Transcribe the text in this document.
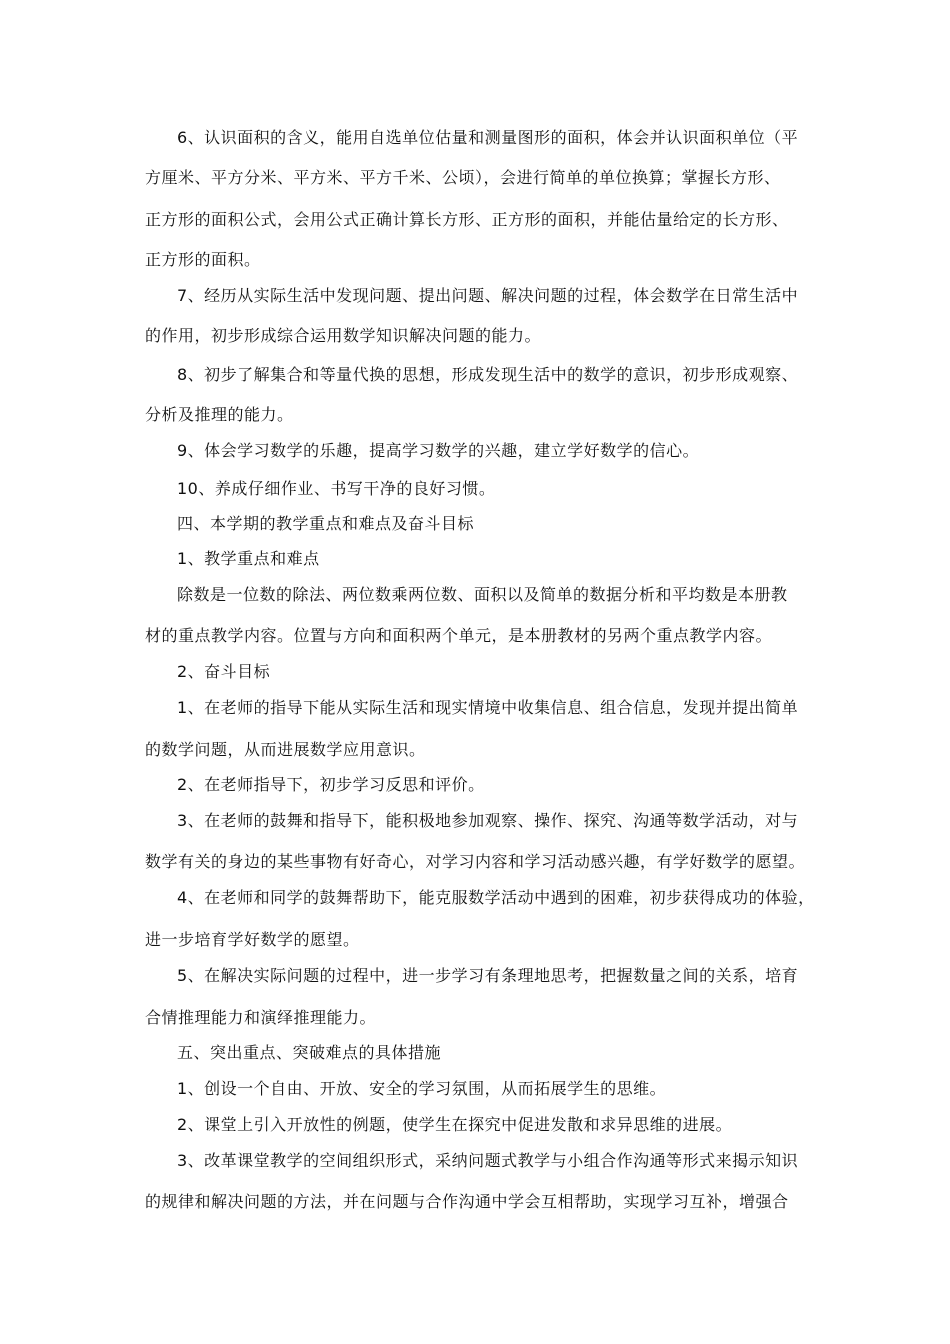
6、认识面积的含义，能用自选单位估量和测量图形的面积，体会并认识面积单位（平
方厘米、平方分米、平方米、平方千米、公顷），会进行简单的单位换算；掌握长方形、
正方形的面积公式，会用公式正确计算长方形、正方形的面积，并能估量给定的长方形、
正方形的面积。
7、经历从实际生活中发现问题、提出问题、解决问题的过程，体会数学在日常生活中
的作用，初步形成综合运用数学知识解决问题的能力。
8、初步了解集合和等量代换的思想，形成发现生活中的数学的意识，初步形成观察、
分析及推理的能力。
9、体会学习数学的乐趣，提高学习数学的兴趣，建立学好数学的信心。
10、养成仔细作业、书写干净的良好习惯。
四、本学期的教学重点和难点及奋斗目标
1、教学重点和难点
除数是一位数的除法、两位数乘两位数、面积以及简单的数据分析和平均数是本册教
材的重点教学内容。位置与方向和面积两个单元，是本册教材的另两个重点教学内容。
2、奋斗目标
1、在老师的指导下能从实际生活和现实情境中收集信息、组合信息，发现并提出简单
的数学问题，从而进展数学应用意识。
2、在老师指导下，初步学习反思和评价。
3、在老师的鼓舞和指导下，能积极地参加观察、操作、探究、沟通等数学活动，对与
数学有关的身边的某些事物有好奇心，对学习内容和学习活动感兴趣，有学好数学的愿望。
4、在老师和同学的鼓舞帮助下，能克服数学活动中遇到的困难，初步获得成功的体验，
进一步培育学好数学的愿望。
5、在解决实际问题的过程中，进一步学习有条理地思考，把握数量之间的关系，培育
合情推理能力和演绎推理能力。
五、突出重点、突破难点的具体措施
1、创设一个自由、开放、安全的学习氛围，从而拓展学生的思维。
2、课堂上引入开放性的例题，使学生在探究中促进发散和求异思维的进展。
3、改革课堂教学的空间组织形式，采纳问题式教学与小组合作沟通等形式来揭示知识
的规律和解决问题的方法，并在问题与合作沟通中学会互相帮助，实现学习互补，增强合
